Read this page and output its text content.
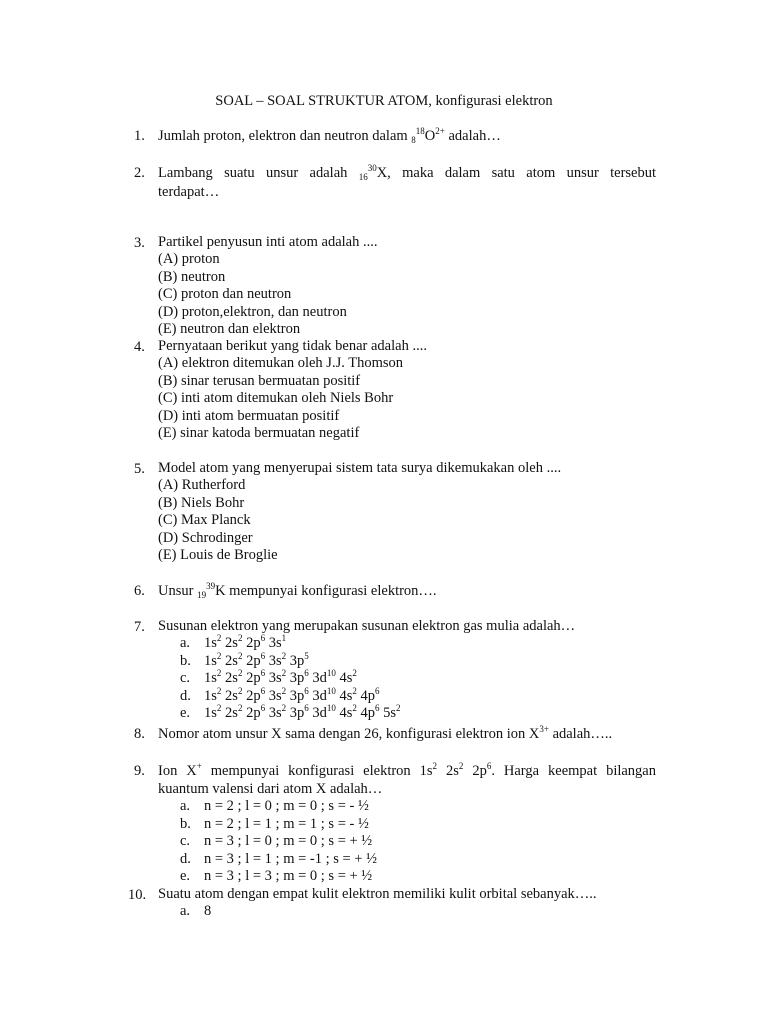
SOAL – SOAL STRUKTUR ATOM, konfigurasi elektron
1. Jumlah proton, elektron dan neutron dalam $_8^{18}O^{2+}$ adalah…
2. Lambang suatu unsur adalah $_{16}^{30}$X, maka dalam satu atom unsur tersebut
terdapat…
3. Partikel penyusun inti atom adalah ....
(A) proton
(B) neutron
(C) proton dan neutron
(D) proton,elektron, dan neutron
(E) neutron dan elektron
4. Pernyataan berikut yang tidak benar adalah ....
(A) elektron ditemukan oleh J.J. Thomson
(B) sinar terusan bermuatan positif
(C) inti atom ditemukan oleh Niels Bohr
(D) inti atom bermuatan positif
(E) sinar katoda bermuatan negatif
5. Model atom yang menyerupai sistem tata surya dikemukakan oleh ....
(A) Rutherford
(B) Niels Bohr
(C) Max Planck
(D) Schrodinger
(E) Louis de Broglie
6. Unsur $_{19}^{39}$K mempunyai konfigurasi elektron….
7. Susunan elektron yang merupakan susunan elektron gas mulia adalah…
a. $1s^2$ $2s^2$ $2p^6$ $3s^1$
b. $1s^2$ $2s^2$ $2p^6$ $3s^2$ $3p^5$
c. $1s^2$ $2s^2$ $2p^6$ $3s^2$ $3p^6$ $3d^{10}$ $4s^2$
d. $1s^2$ $2s^2$ $2p^6$ $3s^2$ $3p^6$ $3d^{10}$ $4s^2$ $4p^6$
e. $1s^2$ $2s^2$ $2p^6$ $3s^2$ $3p^6$ $3d^{10}$ $4s^2$ $4p^6$ $5s^2$
8. Nomor atom unsur X sama dengan 26, konfigurasi elektron ion $X^{3+}$ adalah…..
9. Ion X+ mempunyai konfigurasi elektron $1s^2$ $2s^2$ $2p^6$. Harga keempat bilangan
kuantum valensi dari atom X adalah…
a. n = 2 ; l = 0 ; m = 0 ; s = - ½
b. n = 2 ; l = 1 ; m = 1 ; s = - ½
c. n = 3 ; l = 0 ; m = 0 ; s = + ½
d. n = 3 ; l = 1 ; m = -1 ; s = + ½
e. n = 3 ; l = 3 ; m = 0 ; s = + ½
10. Suatu atom dengan empat kulit elektron memiliki kulit orbital sebanyak…..
a. 8
